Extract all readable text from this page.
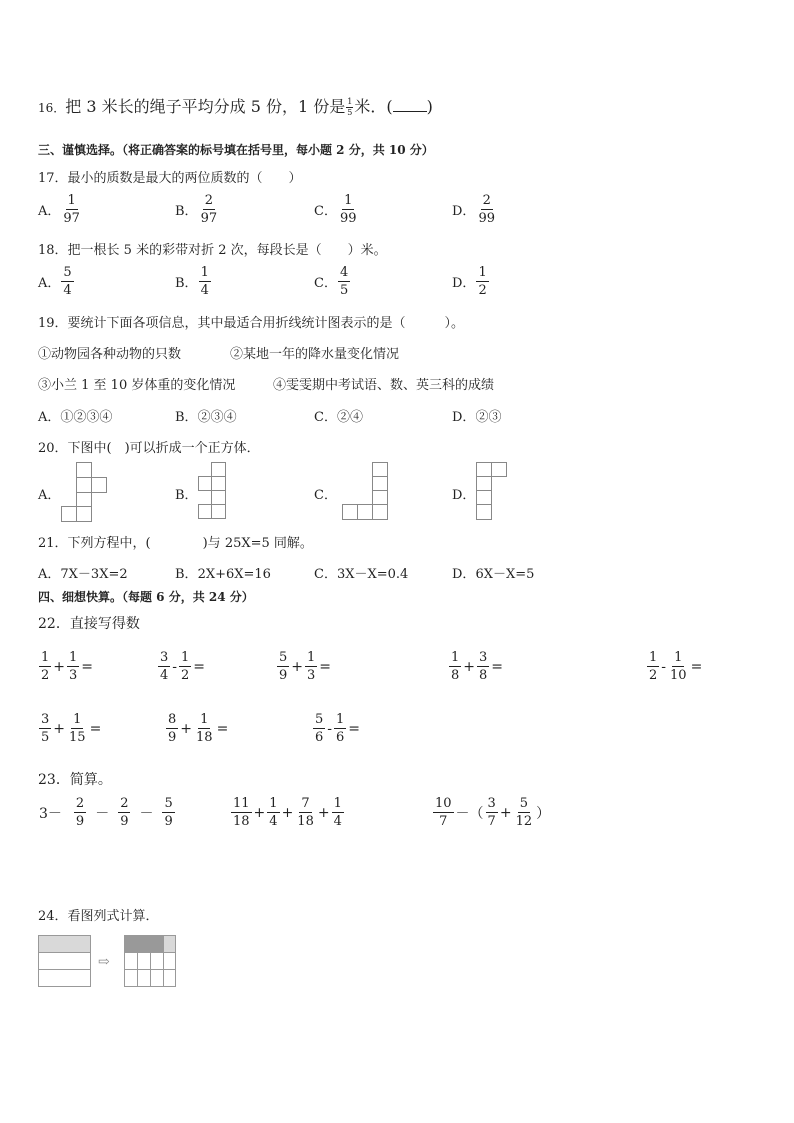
16．把 3 米长的绳子平均分成 5 份，1 份是 $\frac{1}{5}$ 米．( )
三、谨慎选择。（将正确答案的标号填在括号里，每小题 2 分，共 10 分）
17．最小的质数是最大的两位质数的（　　）
A． $\frac{1}{97}$	B． $\frac{2}{97}$	C． $\frac{1}{99}$	D． $\frac{2}{99}$
18．把一根长 5 米的彩带对折 2 次，每段长是（　　）米。
A． $\frac{5}{4}$	B． $\frac{1}{4}$	C． $\frac{4}{5}$	D． $\frac{1}{2}$
19．要统计下面各项信息，其中最适合用折线统计图表示的是（　　　）。
①动物园各种动物的只数	②某地一年的降水量变化情况
③小兰 1 至 10 岁体重的变化情况	④雯雯期中考试语、数、英三科的成绩
A．①②③④	B．②③④	C．②④	D．②③
20．下图中(　)可以折成一个正方体．
A．	B．	C．	D．
21．下列方程中，(　　　　)与 25X=5 同解。
A．7X－3X=2	B．2X+6X=16	C．3X－X=0.4	D．6X－X=5
四、细想快算。（每题 6 分，共 24 分）
22．直接写得数
$\frac{1}{2} + \frac{1}{3}$ =	$\frac{3}{4} - \frac{1}{2}$ =	$\frac{5}{9} + \frac{1}{3}$ =	$\frac{1}{8} + \frac{3}{8}$ =	$\frac{1}{2} - \frac{1}{10}$ =
$\frac{3}{5} + \frac{1}{15}$ =	$\frac{8}{9} + \frac{1}{18}$ =	$\frac{5}{6} - \frac{1}{6}$ =
23．简算。
$3- \frac{2}{9} - \frac{2}{9} - \frac{5}{9}$	$\frac{11}{18} + \frac{1}{4} + \frac{7}{18} + \frac{1}{4}$	$\frac{10}{7}$ －（ $\frac{3}{7} + \frac{5}{12}$ ）
24．看图列式计算．
⇨
